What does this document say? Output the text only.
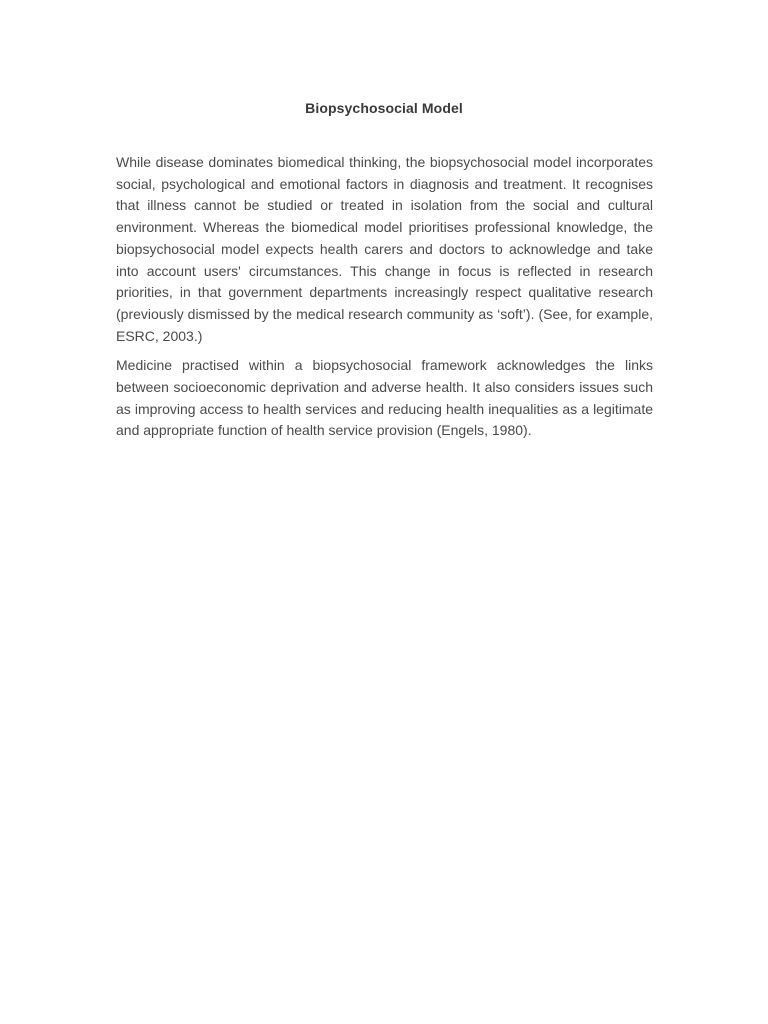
Biopsychosocial Model

While disease dominates biomedical thinking, the biopsychosocial model incorporates social, psychological and emotional factors in diagnosis and treatment. It recognises that illness cannot be studied or treated in isolation from the social and cultural environment. Whereas the biomedical model prioritises professional knowledge, the biopsychosocial model expects health carers and doctors to acknowledge and take into account users' circumstances. This change in focus is reflected in research priorities, in that government departments increasingly respect qualitative research (previously dismissed by the medical research community as ‘soft’). (See, for example, ESRC, 2003.)

Medicine practised within a biopsychosocial framework acknowledges the links between socioeconomic deprivation and adverse health. It also considers issues such as improving access to health services and reducing health inequalities as a legitimate and appropriate function of health service provision (Engels, 1980).
